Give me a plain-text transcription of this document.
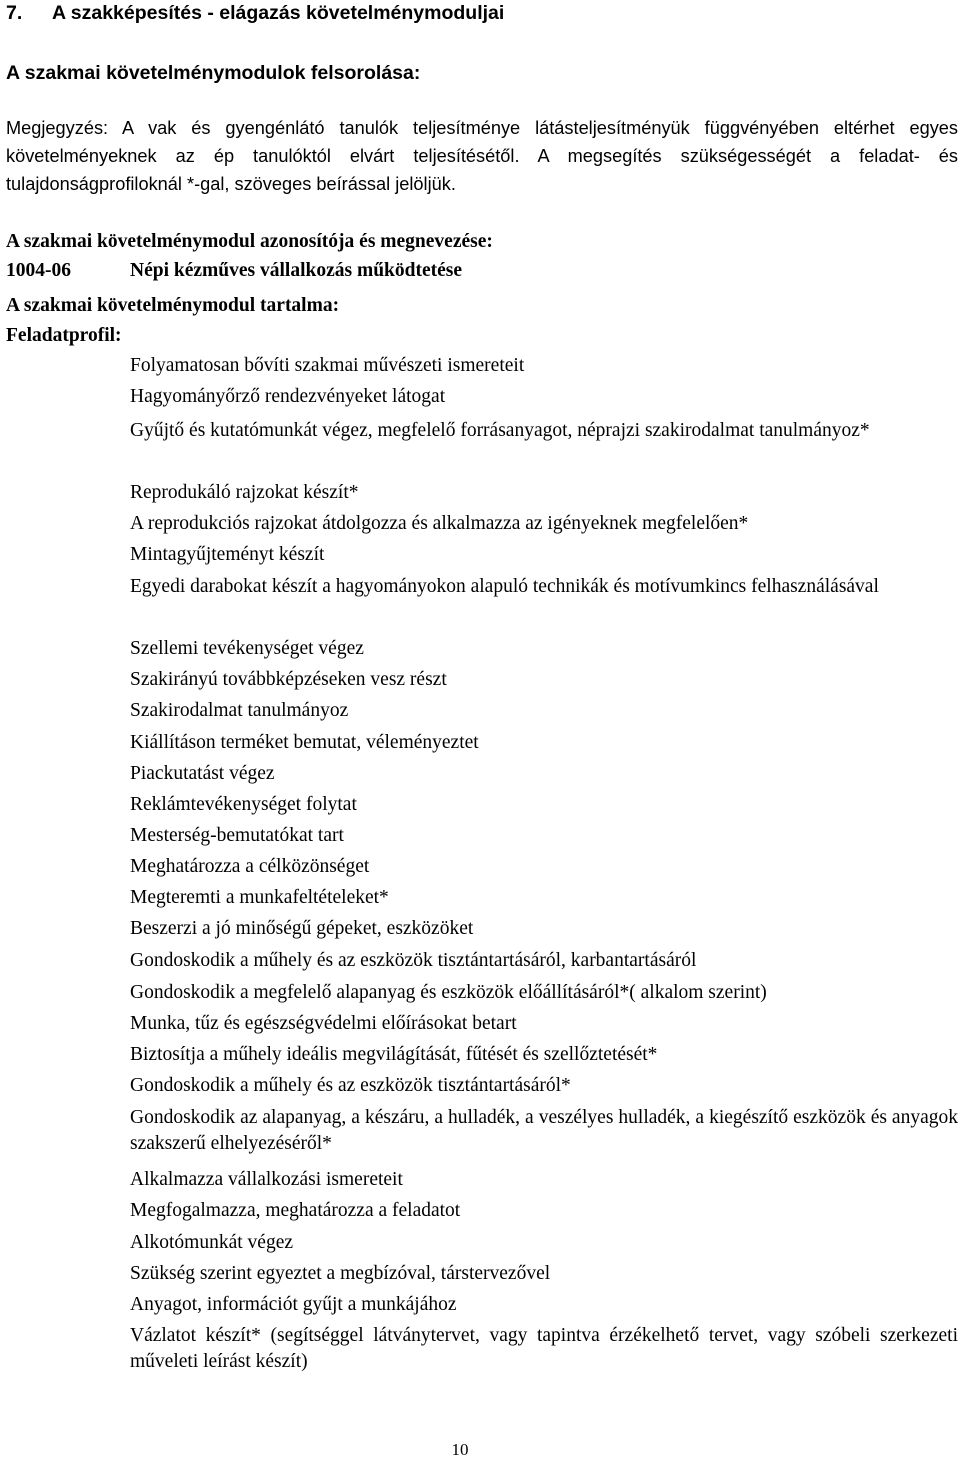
7. A szakképesítés - elágazás követelménymoduljai
A szakmai követelménymodulok felsorolása:
Megjegyzés: A vak és gyengénlátó tanulók teljesítménye látásteljesítményük függvényében eltérhet egyes követelményeknek az ép tanulóktól elvárt teljesítésétől. A megsegítés szükségességét a feladat- és tulajdonságprofiloknál *-gal, szöveges beírással jelöljük.
A szakmai követelménymodul azonosítója és megnevezése:
1004-06	Népi kézműves vállalkozás működtetése
A szakmai követelménymodul tartalma:
Feladatprofil:
Folyamatosan bővíti szakmai művészeti ismereteit
Hagyományőrző rendezvényeket látogat
Gyűjtő és kutatómunkát végez, megfelelő forrásanyagot, néprajzi szakirodalmat tanulmányoz*
Reprodukáló rajzokat készít*
A reprodukciós rajzokat átdolgozza és alkalmazza az igényeknek megfelelően*
Mintagyűjteményt készít
Egyedi darabokat készít a hagyományokon alapuló technikák és motívumkincs felhasználásával
Szellemi tevékenységet végez
Szakirányú továbbképzéseken vesz részt
Szakirodalmat tanulmányoz
Kiállításon terméket bemutat, véleményeztet
Piackutatást végez
Reklámtevékenységet folytat
Mesterség-bemutatókat tart
Meghatározza a célközönséget
Megteremti a munkafeltételeket*
Beszerzi a jó minőségű gépeket, eszközöket
Gondoskodik a műhely és az eszközök tisztántartásáról, karbantartásáról
Gondoskodik a megfelelő alapanyag és eszközök előállításáról*( alkalom szerint)
Munka, tűz és egészségvédelmi előírásokat betart
Biztosítja a műhely ideális megvilágítását, fűtését és szellőztetését*
Gondoskodik a műhely és az eszközök tisztántartásáról*
Gondoskodik az alapanyag, a készáru, a hulladék, a veszélyes hulladék, a kiegészítő eszközök és anyagok szakszerű elhelyezéséről*
Alkalmazza vállalkozási ismereteit
Megfogalmazza, meghatározza a feladatot
Alkotómunkát végez
Szükség szerint egyeztet a megbízóval, társtervezővel
Anyagot, információt gyűjt a munkájához
Vázlatot készít* (segítséggel látványtervet, vagy tapintva érzékelhető tervet, vagy szóbeli szerkezeti műveleti leírást készít)
10
